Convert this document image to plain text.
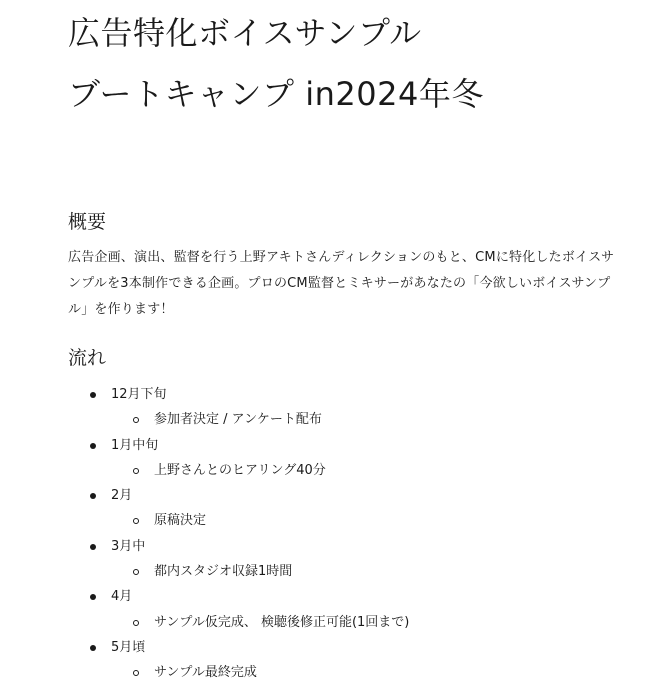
広告特化ボイスサンプル
ブートキャンプ in2024年冬
概要

広告企画、演出、監督を行う上野アキトさんディレクションのもと、CMに特化したボイスサンプルを3本制作できる企画。プロのCM監督とミキサーがあなたの「今欲しいボイスサンプル」を作ります！

流れ
12月下旬
参加者決定 / アンケート配布
1月中旬
上野さんとのヒアリング40分
2月
原稿決定
3月中
都内スタジオ収録1時間
4月
サンプル仮完成、 検聴後修正可能(1回まで)
5月頃
サンプル最終完成
